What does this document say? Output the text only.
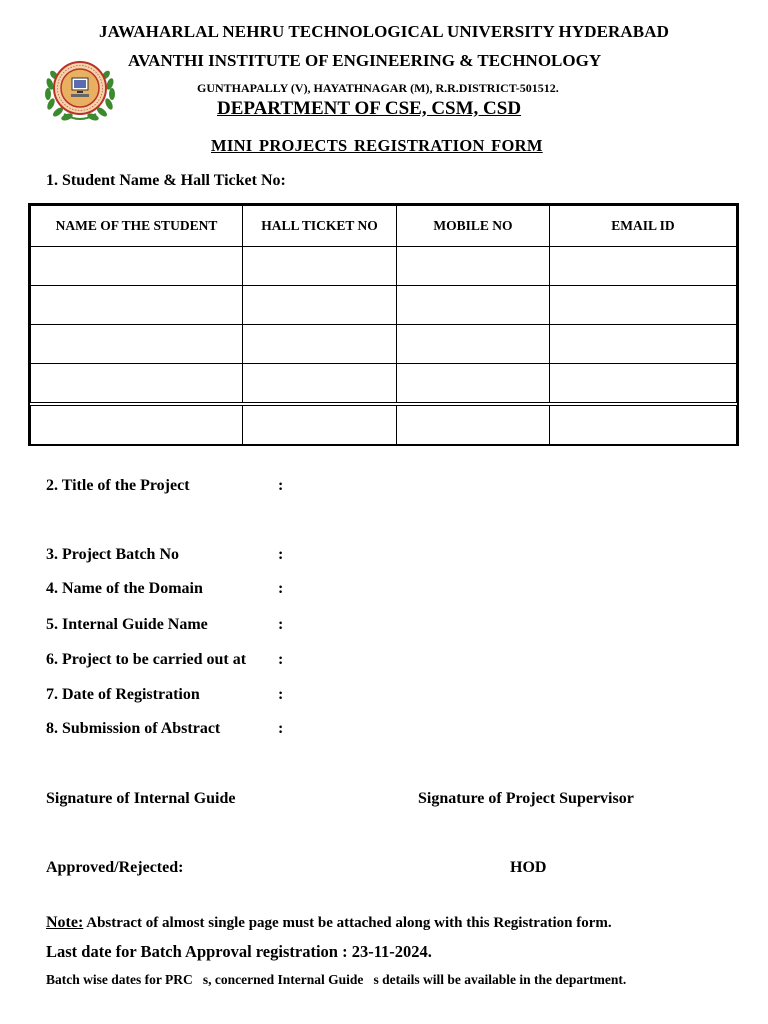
JAWAHARLAL NEHRU TECHNOLOGICAL UNIVERSITY HYDERABAD
AVANTHI INSTITUTE OF ENGINEERING & TECHNOLOGY
GUNTHAPALLY (V), HAYATHNAGAR (M), R.R.DISTRICT-501512.
DEPARTMENT OF CSE, CSM, CSD
MINI PROJECTS REGISTRATION FORM
1. Student Name & Hall Ticket No:
NAME OF THE STUDENT	HALL TICKET NO	MOBILE NO	EMAIL ID

2. Title of the Project	:
3. Project Batch No	:
4. Name of the Domain	:
5. Internal Guide Name	:
6. Project to be carried out at :
7. Date of Registration	:
8. Submission of Abstract	:
Signature of Internal Guide	Signature of Project Supervisor
Approved/Rejected:	HOD
Note: Abstract of almost single page must be attached along with this Registration form.
Last date for Batch Approval registration : 23-11-2024.
Batch wise dates for PRC   s, concerned Internal Guide   s details will be available in the department.
